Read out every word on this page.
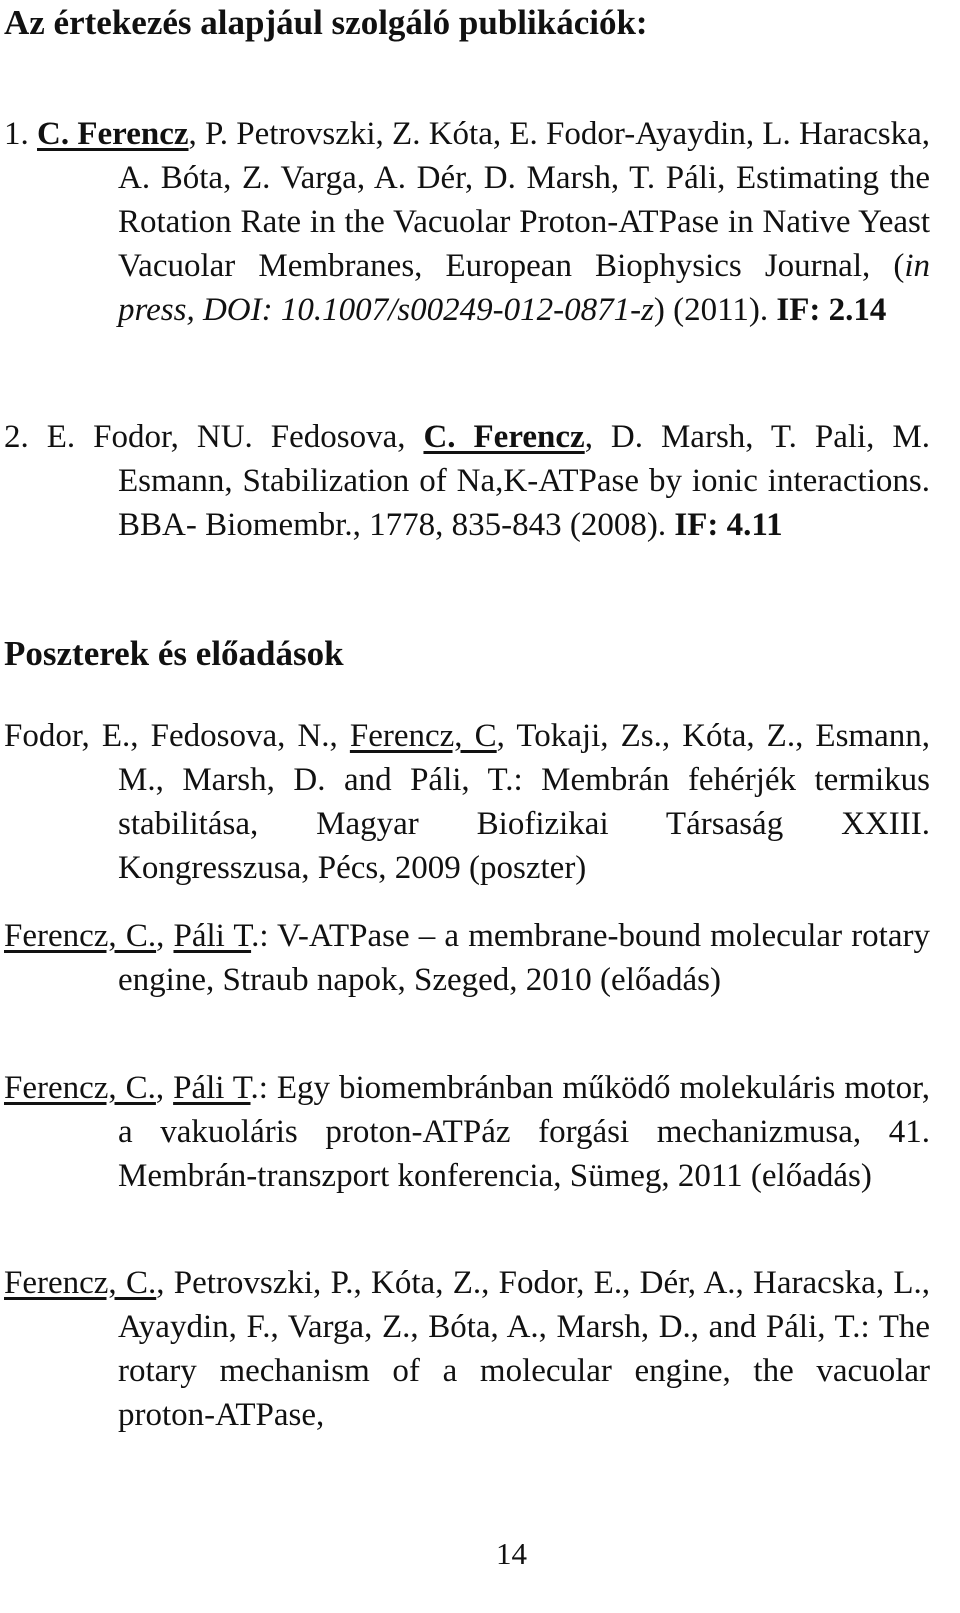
Az értekezés alapjául szolgáló publikációk:
1. C. Ferencz, P. Petrovszki, Z. Kóta, E. Fodor-Ayaydin, L. Haracska, A. Bóta, Z. Varga, A. Dér, D. Marsh, T. Páli, Estimating the Rotation Rate in the Vacuolar Proton-ATPase in Native Yeast Vacuolar Membranes, European Biophysics Journal, (in press, DOI: 10.1007/s00249-012-0871-z) (2011). IF: 2.14
2. E. Fodor, NU. Fedosova, C. Ferencz, D. Marsh, T. Pali, M. Esmann, Stabilization of Na,K-ATPase by ionic interactions. BBA- Biomembr., 1778, 835-843 (2008). IF: 4.11
Poszterek és előadások
Fodor, E., Fedosova, N., Ferencz, C, Tokaji, Zs., Kóta, Z., Esmann, M., Marsh, D. and Páli, T.: Membrán fehérjék termikus stabilitása, Magyar Biofizikai Társaság XXIII. Kongresszusa, Pécs, 2009 (poszter)
Ferencz, C., Páli T.: V-ATPase – a membrane-bound molecular rotary engine, Straub napok, Szeged, 2010 (előadás)
Ferencz, C., Páli T.: Egy biomembránban működő molekuláris motor, a vakuoláris proton-ATPáz forgási mechanizmusa, 41. Membrán-transzport konferencia, Sümeg, 2011 (előadás)
Ferencz, C., Petrovszki, P., Kóta, Z., Fodor, E., Dér, A., Haracska, L., Ayaydin, F., Varga, Z., Bóta, A., Marsh, D., and Páli, T.: The rotary mechanism of a molecular engine, the vacuolar proton-ATPase,
14
